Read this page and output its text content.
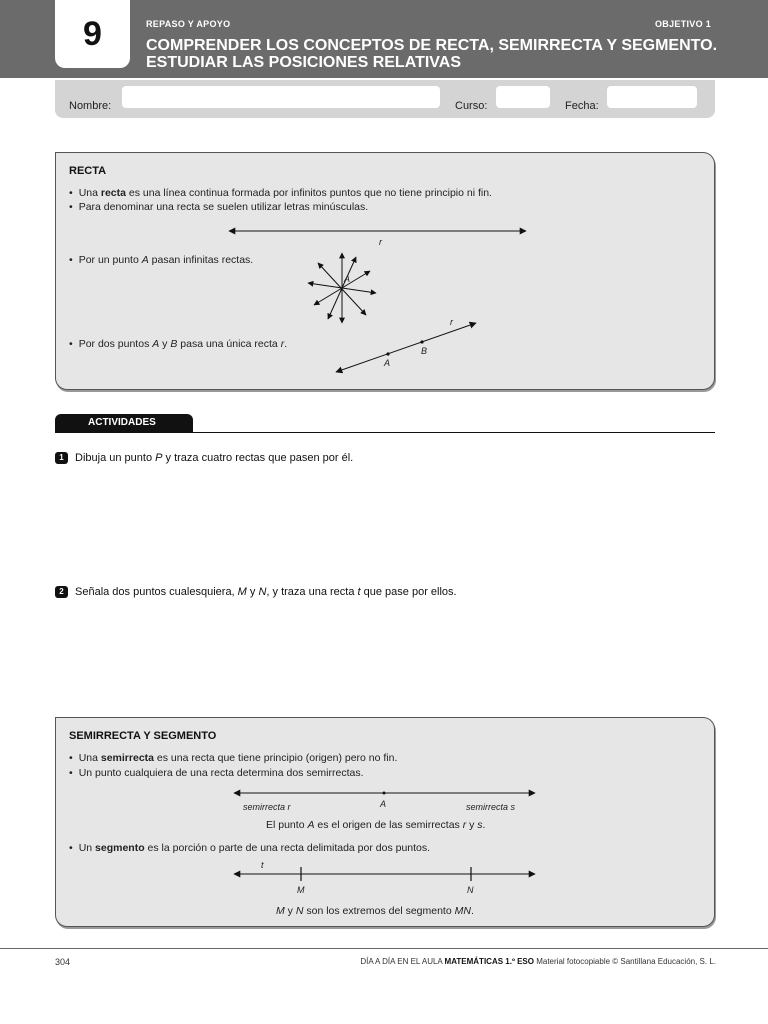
9	REPASO Y APOYO	OBJETIVO 1
COMPRENDER LOS CONCEPTOS DE RECTA, SEMIRRECTA Y SEGMENTO.
ESTUDIAR LAS POSICIONES RELATIVAS
Nombre:	Curso:	Fecha:
RECTA
• Una recta es una línea continua formada por infinitos puntos que no tiene principio ni fin.
• Para denominar una recta se suelen utilizar letras minúsculas.
r
• Por un punto A pasan infinitas rectas.
A
• Por dos puntos A y B pasa una única recta r.
r
A
B
ACTIVIDADES
1 Dibuja un punto P y traza cuatro rectas que pasen por él.
2 Señala dos puntos cualesquiera, M y N, y traza una recta t que pase por ellos.
SEMIRRECTA Y SEGMENTO
• Una semirrecta es una recta que tiene principio (origen) pero no fin.
• Un punto cualquiera de una recta determina dos semirrectas.
semirrecta r	A	semirrecta s
El punto A es el origen de las semirrectas r y s.
• Un segmento es la porción o parte de una recta delimitada por dos puntos.
t
M	N
M y N son los extremos del segmento MN.
304	DÍA A DÍA EN EL AULA MATEMÁTICAS 1.º ESO Material fotocopiable © Santillana Educación, S. L.
